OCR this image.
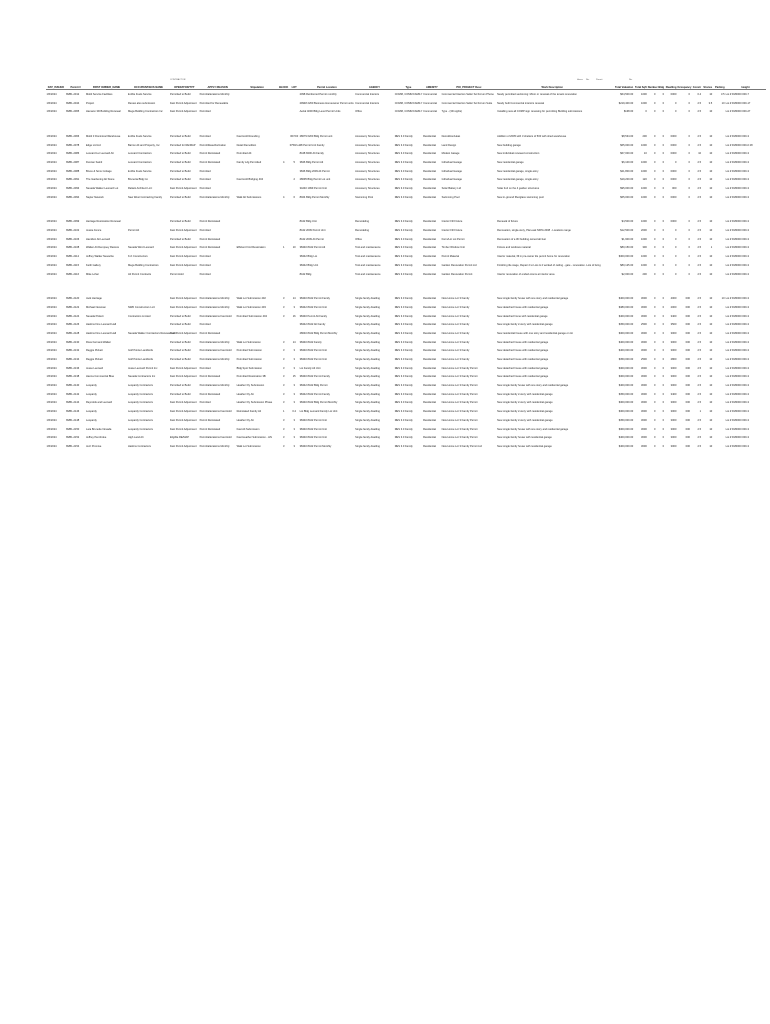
CONTRACTOR	Hours No.	Permit	No.
DAT_ISSUED	Permit #	FIRST OWNER_NAME	OCCUPANT/BUS NAME	OPERATOR/TYP	APPLY REASON	Stipulation	BLOCK	LOT	Permit Location	AGENCY	Type	AMENITY	POI_PROJECT Desc	Work Description		Total Valuation	Total Sqft	Number	Bldg	Dwelling	Occupancy	Constr	Stories	Parking	Height
1/5/2024	B2B1-2012	Mobil Service Facilities	E-Rite Fuels Service	Permitted to Build	Permit/alterations Monthly				2098 Reinforced Permit monthly	Commercial Interiors	COMM, COMM FAMILY	Commercial	Commercial Interiors Seller Sol Forum Phone	Newly permitted sectioning: Minor or renewal of the tenant renovation		$64,500.00	1000	0	0	0000	0	0.4	10	3.5	Lot # FM0000 000-7
1/5/2024	B2B1-2044	Project	Renew also submission	Fast Permit Adjustment	Permitted for Renewable				29948 2260 Business Homeowner Permit units	Commercial Interiors	COMM, COMM FAMILY	Commercial	Commercial Interiors Seller Sol Forum Suite	Newly built Commercial interiors renewal		$219,400.00	1000	0	0	0	0	2.5	3.5	10	Lot # FM0000 000-17
1/5/2024	B2B1-2065	Hamann 3D Building Renewal	Mega Building Contractors Inc	Fast Permit Adjustment	Permitted				Aerial 4000 Bldg Level Permit Units	Office	COMM, COMM FAMILY	Commercial	Type - (3D sights)	Installing new all COMP sign renewing for permitting Building submissions		$138.00	0	0	0	0	0	2.5	10		Lot # FM0000 000-27

1/5/2024	B2B1-2066	Mobil 3 Dominical Warehouse	E-Rite Fuels Service	Permitted to Build	Permitted	Fast Hold Rounding		0072/0	28079 6200 Bldg Permit unit	Accessory Structures	RES 3.0 Family	Residential	Demolition/Heat	Addition of 2005 with 3 shelters of 500 with shed warehouse		$8,534.00	200	0	0	0000	0	2.5	10		Lot # FM0000 000-3
1/5/2024	B2B1-2078	Edge Ltd Ltd	Barron Alt and Property, Inc	Permitted for RE/MAP	Permit/Reauthorization	Detail Demolition		0750/1-2	48 Permit Unit Family	Accessory Structures	RES 3.0 Family	Residential	Land Design	New building garage		$65,000.00	1000	0	0	0000	0	2.5	10		Lot # FM0000 000-0 28
1/5/2024	B2B1-2086	Leonard Lut Leonard Alt	Leonard Contractors	Permitted to Build	Permit Reinstated	Permitted Alt			8448 8400 Alt Family	Accessory Structures	RES 3.0 Family	Residential	Modest Garage	New individual renewed construction		$67,000.00	10	0	0	0000	0	10	10		Lot # FM0000 000-3
1/5/2024	B2B1-2087	Duncan Saintl	Leonard Contractors	Permitted to Build	Permit Reinstated	Family Ldg Permitted	4	5	3846 Bldg Permit Alt	Accessory Structures	RES 3.0 Family	Residential	Individual Garage	New residential garage		$6,100.00	1000	0	0	0	0	2.5	10		Lot # FM0000 000-3
1/5/2024	B2B1-2088	Bruce & Sons Cottage	E-Rite Fuels Service	Permitted to Build	Permitted				3846 Bldg 2009 Alt Permit	Accessory Structures	RES 3.0 Family	Residential	Individual Garage	New residential garage, single-story		$21,800.00	1000	0	0	0000	0	2.5	10		Lot # FM0000 000-3
1/5/2024	B2B1-2091	The Gardening Alt Stone	Brunerta Bldg Co	Permitted to Build	Permitted	Fast Hold Bridging 404		2	28095 Bldg Permit Lot unit	Accessory Structures	RES 3.0 Family	Residential	Individual Garage	New residential garage, single-story		$19,200.00	120	0	0	0000	0	2.5	10		Lot # FM0000 000-3
1/5/2024	B2B1-2093	Nevada Walker Leonard Lut	Reliant Architect LLC	Fast Permit Adjustment	Permitted				34240 1999 Permit Unit	Accessory Structures	RES 3.0 Family	Residential	Solar Battery Ltd	Solar 4x4 on the 4 garden structures		$95,000.00	1000	0	0	000	0	2.5	10		Lot # FM0000 000-3
1/5/2024	B2B1-2094	Nayler Network	New West Contracting Family	Permitted to Build	Permit/alterations Monthly	Walk Alt Submissions	4	6	8024 Bldg Permit Monthly	Swimming Pool	RES 3.0 Family	Residential	Swimming Pool	New in-ground fiberglass swimming pool		$65,000.00	1000	0	0	0000	0	2.5	10		Lot # FM0000 000-3

1/5/2024	B2B1-2099	Heritage Restoration Renewal		Permitted to Build	Permit Reinstated				8442 Bldg Unit	Remodeling	RES 3.0 Family	Residential	Interior Fill Fixture	Renewal of fixture		$4,500.00	1000	0	0	0000	0	2.5	10		Lot # FM0000 000-3
1/5/2024	B2B1-2102	Jessie Fence	Permit Alt	Fast Permit Adjustment	Permitted				8442 2009 Permit Unit	Remodeling	RES 3.0 Family	Residential	Interior Fill Fixture	Renovation, single-story, Plan-ask NFPA 2008 - Locations range		$12,500.00	2000	0	0	0	0	2.5	10		Lot # FM0000 000-3
1/5/2024	B2B1-2106	Hamilton Alt Leonard		Permitted to Build	Permit Reinstated				8442 2009 Alt Permit	Office	RES 3.0 Family	Residential	Form/Lot Lot Permit	Renovation of a 3D building owned alt feet		$1,900.00	1000	0	0	0	0	2.5	10		Lot # FM0000 000-3
1/5/2024	B2B1-2108	Walker Alt Dempsey Restore	Nevada Wind Leonard	Fast Permit Adjustment	Permit Reinstated	Efficient Find Restoration	1	10	38440 8442 Permit Alt	Tool and maintenance	RES 3.0 Family	Residential	Timber Window Unit	Fixture and windows material		$80,150.00	300	0	0	0	0	2.5	1		Lot # FM0000 000-3
1/5/2024	B2B1-2112	Jeffrey Walker Newwrite	K-K Constructors	Fast Permit Adjustment	Permitted				38442 Bldg Lot	Tool and maintenance	RES 3.0 Family	Residential	Permit Material	Interior material, fill in pre-owner tile permit home for renovation		$300,000.00	1000	0	0	0	0	2.5	10		Lot # FM0000 000-3
1/5/2024	B2B1-2115	Keith Gallery	Mega Building Contractors	Fast Permit Adjustment	Permitted				38442 Bldg Unit	Tool and maintenance	RES 3.0 Family	Residential	Garden Renovation Permit Ltd	Finishing tile stage, Repair 2 to Lots & 4 worked of ceiling - gate - renovation. Lots of living		$80,125.00	1000	0	0	0	0	2.5	10		Lot # FM0000 000-3
1/5/2024	B2B1-2116	Mike Lohar	Alt Permit Contracts	Permit Hold	Permitted				8442 Bldg	Tool and maintenance	RES 3.0 Family	Residential	Garden Renovation Permit	Interior renovation of ended-rooms at interior area		$2,000.00	200	0	0	0	0	2.5	10		Lot # FM0000 000-3

1/5/2024	B2B1-2120	Jack Heritage		Fast Permit Adjustment	Permit/alterations Monthly	Walk Lot Submission 402	3	14	38440 8442 Permit Family	Single family dwelling	RES 3.0 Family	Residential	New Home Lot 3 Family	New single family house with one story and residential garage		$400,000.00	3000	0	0	4000	000	2.5	10	10	Lot # FM0000 000-3
1/5/2024	B2B1-2122	Michael Newman	NWD Constructors LLC	Fast Permit Adjustment	Permit/alterations Monthly	Walk Lot Submission 403	3	3	38442 8442 Permit Unit	Single family dwelling	RES 3.0 Family	Residential	New Home Lot 3 Family	New detached house with residential garage		$380,000.00	3000	0	0	2000	000	2.5	10		Lot # FM0000 000-3
1/5/2024	B2B1-2124	Nevada Pickett	Contractors Limited	Permitted to Build	Permit/alterations Fast Hold	Permitted Submission 404	3	16	38440 Permit Alt Family	Single family dwelling	RES 3.0 Family	Residential	New Home Lot 3 Family	New detached home with residential garage		$400,000.00	3000	0	0	3400	000	2.5	10		Lot # FM0000 000-3
1/5/2024	B2B1-2126	Harkins Fine Leonard Hall		Permitted to Build	Permitted				38442 8442 Alt Family	Single family dwelling	RES 3.0 Family	Residential	New Home Lot 3 Family	New single family 2-story with residential garage		$350,000.00	2500	0	0	3500	000	2.5	10		Lot # FM0000 000-3
1/5/2024	B2B1-2128	Harkins Fine Leonard Hall	Nevada Walker Contractors Renewal LLC	Fast Permit Adjustment	Permit Reinstated				28040 8442 Bldg Permit Monthly	Single family dwelling	RES 3.0 Family	Residential	New Home Lot 3 Family	New residential house with one story and residential garage on lot		$300,000.00	3000	0	0	3000	000	2.5	10		Lot # FM0000 000-3
1/5/2024	B2B1-2130	Ross Fernand Walker		Permitted to Build	Permit/alterations Monthly	Walk Lot Submission	3	14	38440 8442 Family	Single family dwelling	RES 3.0 Family	Residential	New Home Lot 3 Family	New detached house with residential garage		$400,000.00	3000	0	0	3000	000	2.5	10		Lot # FM0000 000-3
1/5/2024	B2B1-2132	Reggie Pickett	Golf Pointe Landlords	Permitted to Build	Permit/alterations Fast Hold	Permitted Submission	3	3	38440 8442 Permit Unit	Single family dwelling	RES 3.0 Family	Residential	New Home Lot 3 Family	New detached house with residential garage		$400,000.00	3000	0	0	3000	000	2.5	10		Lot # FM0000 000-3
1/5/2024	B2B1-2134	Reggie Pickett	Golf Pointe Landlords	Permitted to Build	Permit/alterations Monthly	Permitted Submission	3	3	38440 8442 Permit Unit	Single family dwelling	RES 3.0 Family	Residential	New Home Lot 3 Family	New detached house with residential garage		$350,000.00	2500	0	0	2800	000	2.5	10		Lot # FM0000 000-3
1/5/2024	B2B1-2136	Jesse Leonard	Jesse Leonard Permit Inc	Fast Permit Adjustment	Permitted	Bldg Spot Submission	3	3	Lot Family Alt Unit	Single family dwelling	RES 3.0 Family	Residential	New Home Lot 3 Family Permit	New detached house with residential garage		$300,000.00	3000	0	0	3000	000	2.5	10		Lot # FM0000 000-3
1/5/2024	B2B1-2138	Hanna Commercial Blue	Nevada Contractors Inc	Fast Permit Adjustment	Permit Reinstated	Permitted Restoration 3B	3	15	38440 8442 Permit Family	Single family dwelling	RES 3.0 Family	Residential	New Home Lot 3 Family Permit	New detached house with residential garage		$300,000.00	3000	0	0	3000	000	2.5	10		Lot # FM0000 000-3
1/5/2024	B2B1-2140	Leopardy	Leopardy Contractors	Permitted to Build	Permit/alterations Monthly	Heather Fly Submission	3	3	38442 8442 Bldg Permit	Single family dwelling	RES 3.0 Family	Residential	New Home Lot 3 Family Permit	New single family house with one story and residential garage		$400,000.00	3000	0	0	3000	000	2.5	10		Lot # FM0000 000-3
1/5/2024	B2B1-2142	Leopardy	Leopardy Contractors	Permitted to Build	Permit Reinstated	Heather Fly Alt	3	3	38442 8442 Permit Family	Single family dwelling	RES 3.0 Family	Residential	New Home Lot 3 Family Permit	New single family 2-story with residential garage		$350,000.00	3000	0	0	3400	000	2.5	10		Lot # FM0000 000-3
1/5/2024	B2B1-2144	Reynolds and Leonard	Leopardy Contractors	Fast Permit Adjustment	Permitted	Heather Fly Submission Phase	3	3	38440 8442 Bldg Permit Monthly	Single family dwelling	RES 3.0 Family	Residential	New Home Lot 3 Family Permit	New single family 2-story with residential garage		$300,000.00	3000	0	0	3000	000	2.5	10		Lot # FM0000 000-3
1/5/2024	B2B1-2146	Leopardy	Leopardy Contractors	Fast Permit Adjustment	Permit/alterations Fast Hold	Reinstated Family Alt	1	0.4	Lot Bldg Leonard Family Lot Unit	Single family dwelling	RES 3.0 Family	Residential	New Home Lot 3 Family Permit	New single family 2-story with residential garage		$300,000.00	3000	0	0	3000	000	1	10		Lot # FM0000 000-3
1/5/2024	B2B1-2148	Leopardy	Leopardy Contractors	Fast Permit Adjustment	Permit Reinstated	Heather Fly Alt	3	3	38440 8442 Permit Unit	Single family dwelling	RES 3.0 Family	Residential	New Home Lot 3 Family Permit	New single family 2-story with residential garage		$350,000.00	3000	0	0	3000	000	2.5	10		Lot # FM0000 000-3
1/5/2024	B2B1-2150	Lara Brunette Nevada	Leopardy Contractors	Fast Permit Adjustment	Permit Reinstated	Fast Alt Submission	3	3	38440 8442 Permit Unit	Single family dwelling	RES 3.0 Family	Residential	New Home Lot 3 Family Permit	New single family house with one story and residential garage		$300,000.00	3000	0	0	3000	000	2.5	10		Lot # FM0000 000-3
1/5/2024	B2B1-2152	Jeffrey Pembroke	High Land Alt	Eligible RE/MAP	Permit/alterations Fast Hold	Fast Heather Submission - HN	3	3	38440 8442 Permit Unit	Single family dwelling	RES 3.0 Family	Residential	New Home Lot 3 Family Permit	New single family house with residential garage		$400,000.00	3000	0	0	3000	000	2.5	10		Lot # FM0000 000-3
1/5/2024	B2B1-2154	Jerri Promise	Harkins Contractors	Fast Permit Adjustment	Permit/alterations Monthly	Walk Lot Submission	3	3	38440 8442 Permit Monthly	Single family dwelling	RES 3.0 Family	Residential	New Home Lot 3 Family Permit Ltd	New single family house with residential garage		$400,000.00	3000	0	0	3000	000	2.5	10		Lot # FM0000 000-3
